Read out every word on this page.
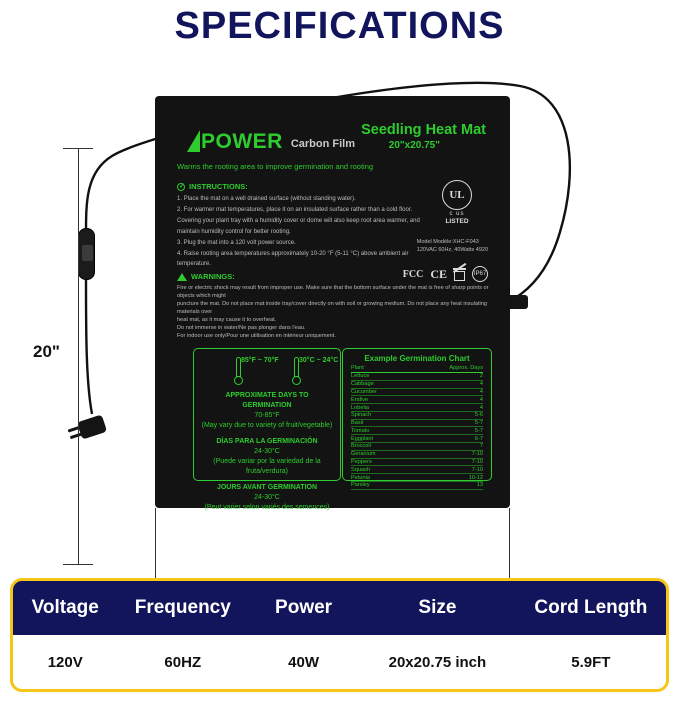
SPECIFICATIONS
POWER Carbon Film
Seedling Heat Mat
20"x20.75"
Warms the rooting area to improve germination and rooting
✓
INSTRUCTIONS:
1. Place the mat on a well drained surface (without standing water).
2. For warmer mat temperatures, place it on an insulated surface rather than a cold floor.
Covering your plant tray with a humidity cover or dome will also keep root area warmer, and
maintain humidity control for better rooting.
3. Plug the mat into a 120 volt power source.
4. Raise rooting area temperatures approximately 10-20 °F (5-11 °C) above ambient air temperature.
UL
c us
LISTED
Model Modèle:XHC-F043
120VAC 60Hz, 40Watts 4920
FCC CE	IP67
WARNINGS:
Fire or electric shock may result from improper use. Make sure that the bottom surface under the mat is free of sharp points or objects which might
puncture the mat. Do not place mat inside tray/cover directly on with soil or growing medium. Do not place any heat insulating materials over
heat mat, as it may cause it to overheat.
Do not immerse in water/Ne pas plonger dans l'eau.
For indoor use only/Pour une utilisation en intérieur uniquement.
85°F ~ 70°F	30°C ~ 24°C
APPROXIMATE DAYS TO
GERMINATION
70-85°F
(May vary due to variety of fruit/vegetable)
DÍAS PARA LA GERMINACIÓN
24-30°C
(Puede variar por la variedad de la fruta/verdura)
JOURS AVANT GERMINATION
24-30°C
(Peut varier selon variés des semences)
Example Germination Chart
Plant	Approx. Days
Lettuce	2
Cabbage	4
Cucumber	4
Endive	4
Lobelia	4
Spinach	5-6
Basil	5-7
Tomato	5-7
Eggplant	6-7
Broccoli	7
Geranium	7-10
Peppers	7-10
Squash	7-10
Petunia	10-12
Parsley	13
20"
Voltage	Frequency	Power	Size	Cord Length
120V	60HZ	40W	20x20.75 inch	5.9FT
